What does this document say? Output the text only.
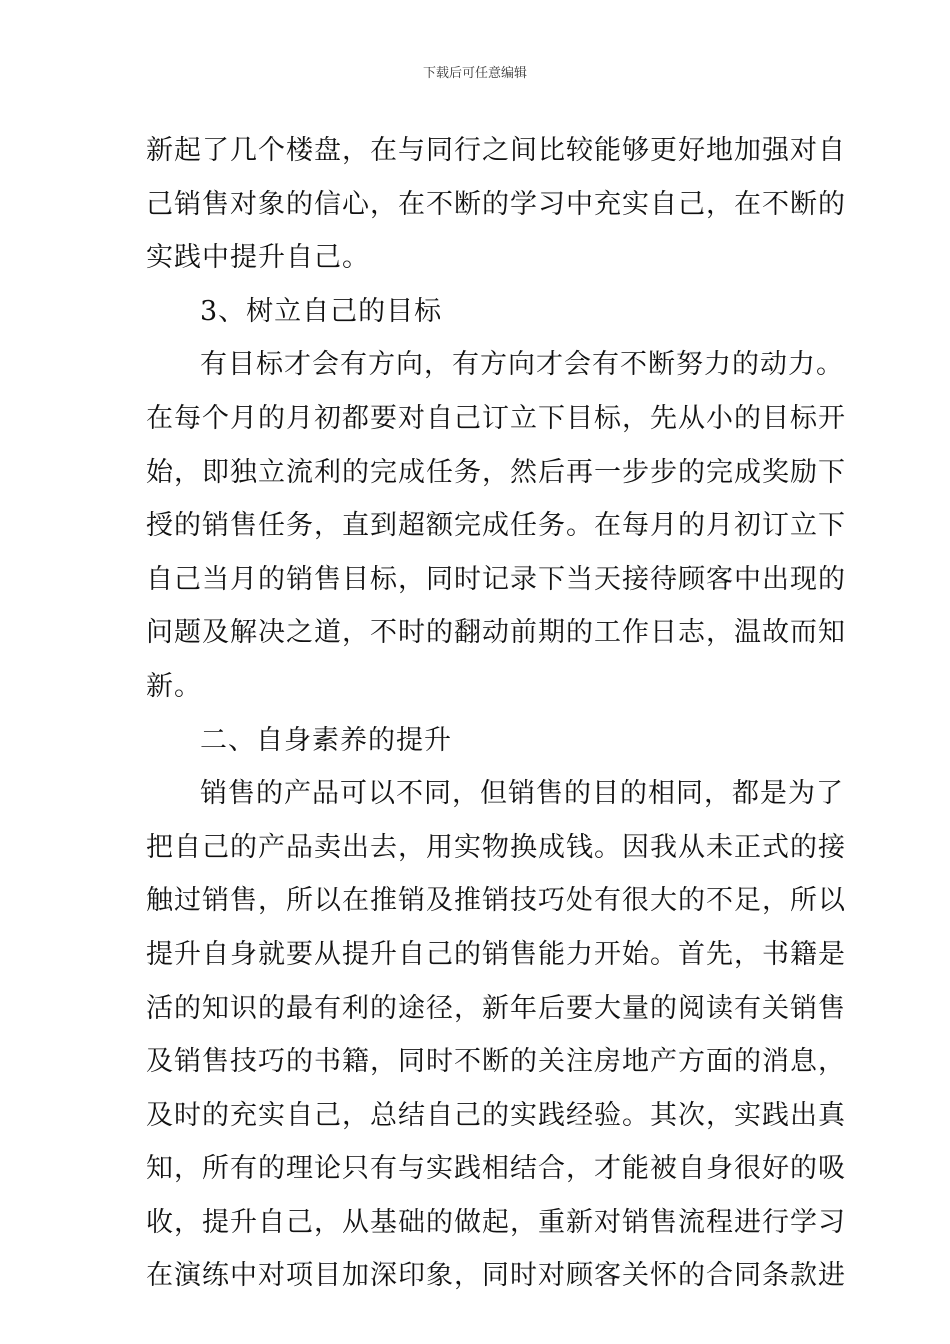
下载后可任意编辑
新起了几个楼盘，在与同行之间比较能够更好地加强对自
己销售对象的信心，在不断的学习中充实自己，在不断的
实践中提升自己。
3、树立自己的目标
有目标才会有方向，有方向才会有不断努力的动力。
在每个月的月初都要对自己订立下目标，先从小的目标开
始，即独立流利的完成任务，然后再一步步的完成奖励下
授的销售任务，直到超额完成任务。在每月的月初订立下
自己当月的销售目标，同时记录下当天接待顾客中出现的
问题及解决之道，不时的翻动前期的工作日志，温故而知
新。
二、自身素养的提升
销售的产品可以不同，但销售的目的相同，都是为了
把自己的产品卖出去，用实物换成钱。因我从未正式的接
触过销售，所以在推销及推销技巧处有很大的不足，所以
提升自身就要从提升自己的销售能力开始。首先，书籍是
活的知识的最有利的途径，新年后要大量的阅读有关销售
及销售技巧的书籍，同时不断的关注房地产方面的消息，
及时的充实自己，总结自己的实践经验。其次，实践出真
知，所有的理论只有与实践相结合，才能被自身很好的吸
收，提升自己，从基础的做起，重新对销售流程进行学习
在演练中对项目加深印象，同时对顾客关怀的合同条款进
